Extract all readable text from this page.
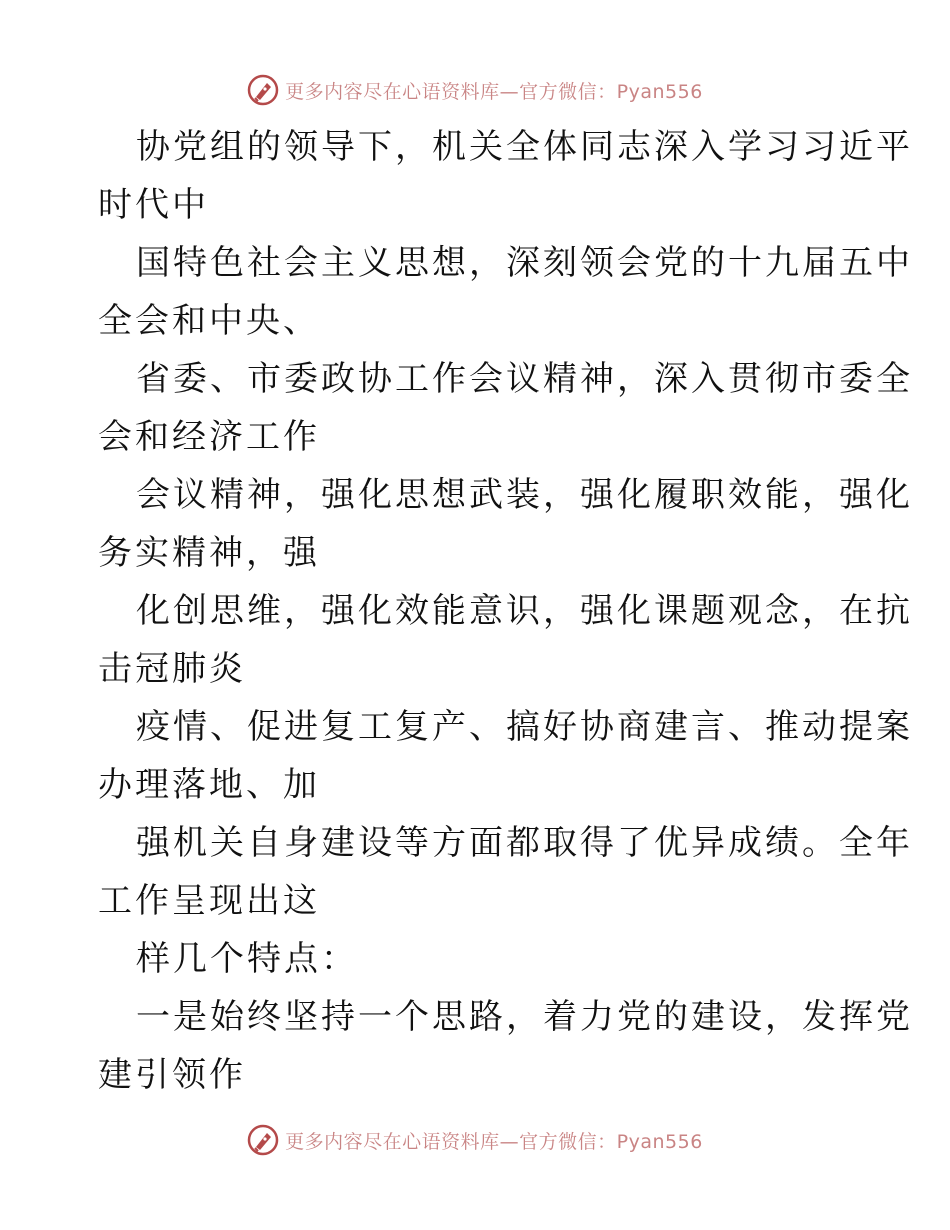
更多内容尽在心语资料库—官方微信：Pyan556
协党组的领导下，机关全体同志深入学习习近平
时代中
国特色社会主义思想，深刻领会党的十九届五中
全会和中央、
省委、市委政协工作会议精神，深入贯彻市委全
会和经济工作
会议精神，强化思想武装，强化履职效能，强化
务实精神，强
化创思维，强化效能意识，强化课题观念，在抗
击冠肺炎
疫情、促进复工复产、搞好协商建言、推动提案
办理落地、加
强机关自身建设等方面都取得了优异成绩。全年
工作呈现出这
样几个特点：
一是始终坚持一个思路，着力党的建设，发挥党
建引领作
更多内容尽在心语资料库—官方微信：Pyan556
